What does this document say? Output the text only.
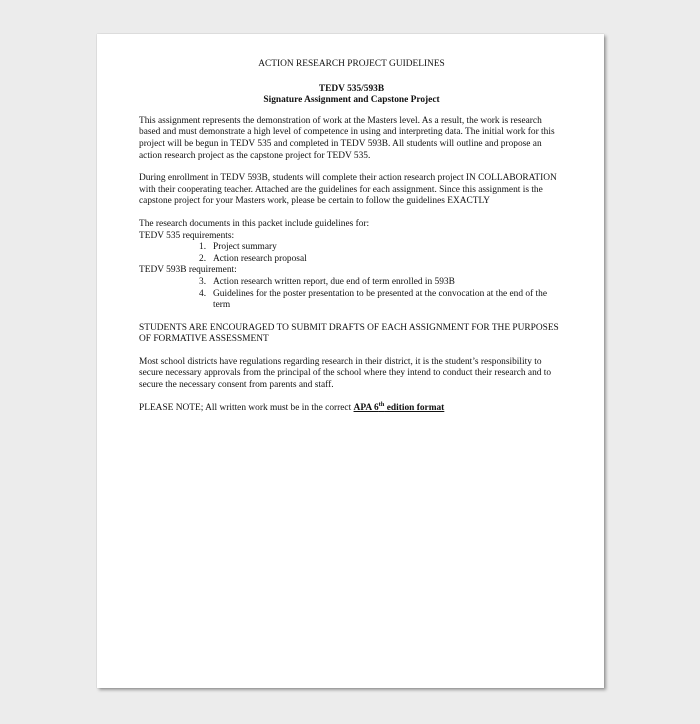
ACTION RESEARCH PROJECT GUIDELINES
TEDV 535/593B
Signature Assignment and Capstone Project

This assignment represents the demonstration of work at the Masters level. As a result, the work is research based and must demonstrate a high level of competence in using and interpreting data. The initial work for this project will be begun in TEDV 535 and completed in TEDV 593B. All students will outline and propose an action research project as the capstone project for TEDV 535.

During enrollment in TEDV 593B, students will complete their action research project IN COLLABORATION with their cooperating teacher. Attached are the guidelines for each assignment. Since this assignment is the capstone project for your Masters work, please be certain to follow the guidelines EXACTLY

The research documents in this packet include guidelines for:
TEDV 535 requirements:
1. Project summary
2. Action research proposal
TEDV 593B requirement:
3. Action research written report, due end of term enrolled in 593B
4. Guidelines for the poster presentation to be presented at the convocation at the end of the term

STUDENTS ARE ENCOURAGED TO SUBMIT DRAFTS OF EACH ASSIGNMENT FOR THE PURPOSES OF FORMATIVE ASSESSMENT

Most school districts have regulations regarding research in their district, it is the student’s responsibility to secure necessary approvals from the principal of the school where they intend to conduct their research and to secure the necessary consent from parents and staff.

PLEASE NOTE; All written work must be in the correct APA 6th edition format
